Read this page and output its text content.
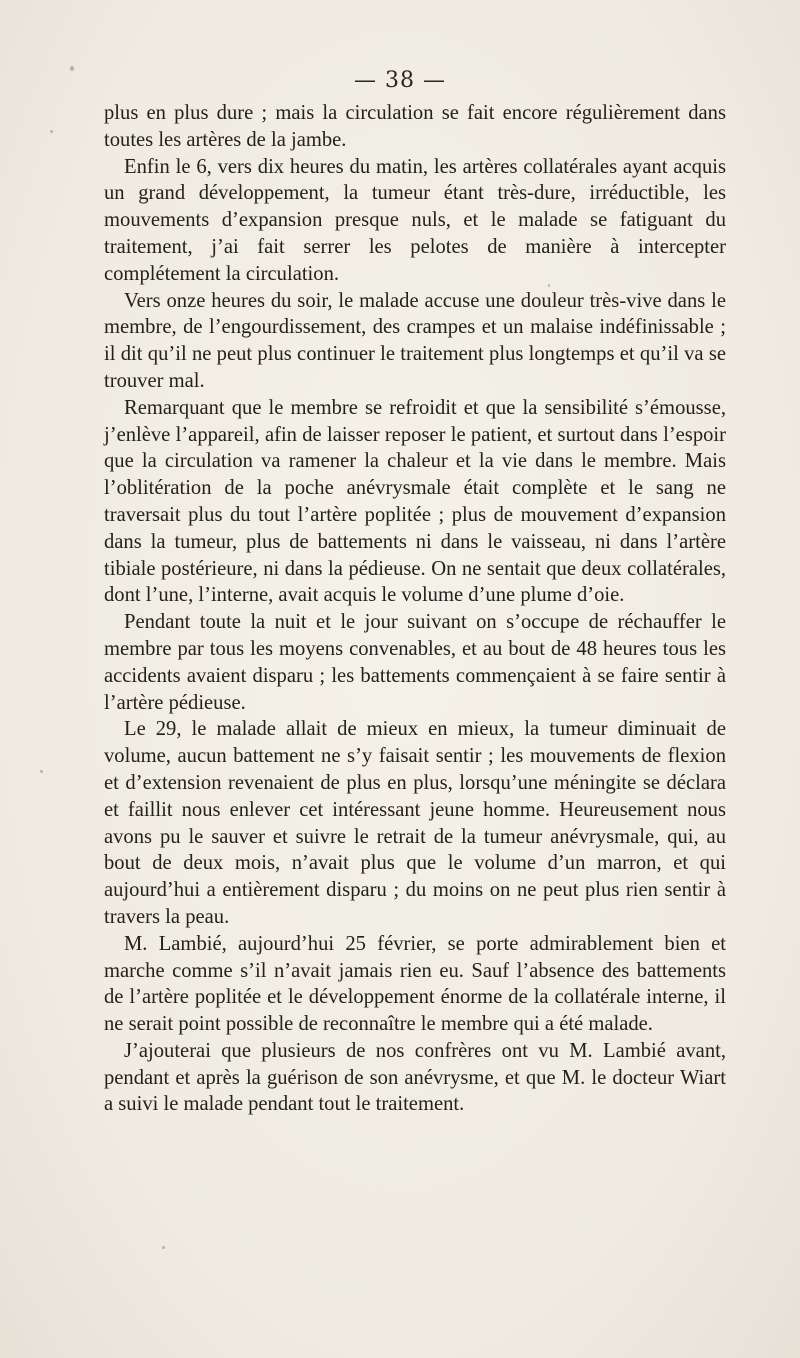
— 38 —

plus en plus dure ; mais la circulation se fait encore régulièrement dans toutes les artères de la jambe.

Enfin le 6, vers dix heures du matin, les artères collatérales ayant acquis un grand développement, la tumeur étant très-dure, irréductible, les mouvements d’expansion presque nuls, et le malade se fatiguant du traitement, j’ai fait serrer les pelotes de manière à intercepter complétement la circulation.

Vers onze heures du soir, le malade accuse une douleur très-vive dans le membre, de l’engourdissement, des crampes et un malaise indéfinissable ; il dit qu’il ne peut plus continuer le traitement plus longtemps et qu’il va se trouver mal.

Remarquant que le membre se refroidit et que la sensibilité s’émousse, j’enlève l’appareil, afin de laisser reposer le patient, et surtout dans l’espoir que la circulation va ramener la chaleur et la vie dans le membre. Mais l’oblitération de la poche anévrysmale était complète et le sang ne traversait plus du tout l’artère poplitée ; plus de mouvement d’expansion dans la tumeur, plus de battements ni dans le vaisseau, ni dans l’artère tibiale postérieure, ni dans la pédieuse. On ne sentait que deux collatérales, dont l’une, l’interne, avait acquis le volume d’une plume d’oie.

Pendant toute la nuit et le jour suivant on s’occupe de réchauffer le membre par tous les moyens convenables, et au bout de 48 heures tous les accidents avaient disparu ; les battements commençaient à se faire sentir à l’artère pédieuse.

Le 29, le malade allait de mieux en mieux, la tumeur diminuait de volume, aucun battement ne s’y faisait sentir ; les mouvements de flexion et d’extension revenaient de plus en plus, lorsqu’une méningite se déclara et faillit nous enlever cet intéressant jeune homme. Heureusement nous avons pu le sauver et suivre le retrait de la tumeur anévrysmale, qui, au bout de deux mois, n’avait plus que le volume d’un marron, et qui aujourd’hui a entièrement disparu ; du moins on ne peut plus rien sentir à travers la peau.

M. Lambié, aujourd’hui 25 février, se porte admirablement bien et marche comme s’il n’avait jamais rien eu. Sauf l’absence des battements de l’artère poplitée et le développement énorme de la collatérale interne, il ne serait point possible de reconnaître le membre qui a été malade.

J’ajouterai que plusieurs de nos confrères ont vu M. Lambié avant, pendant et après la guérison de son anévrysme, et que M. le docteur Wiart a suivi le malade pendant tout le traitement.
